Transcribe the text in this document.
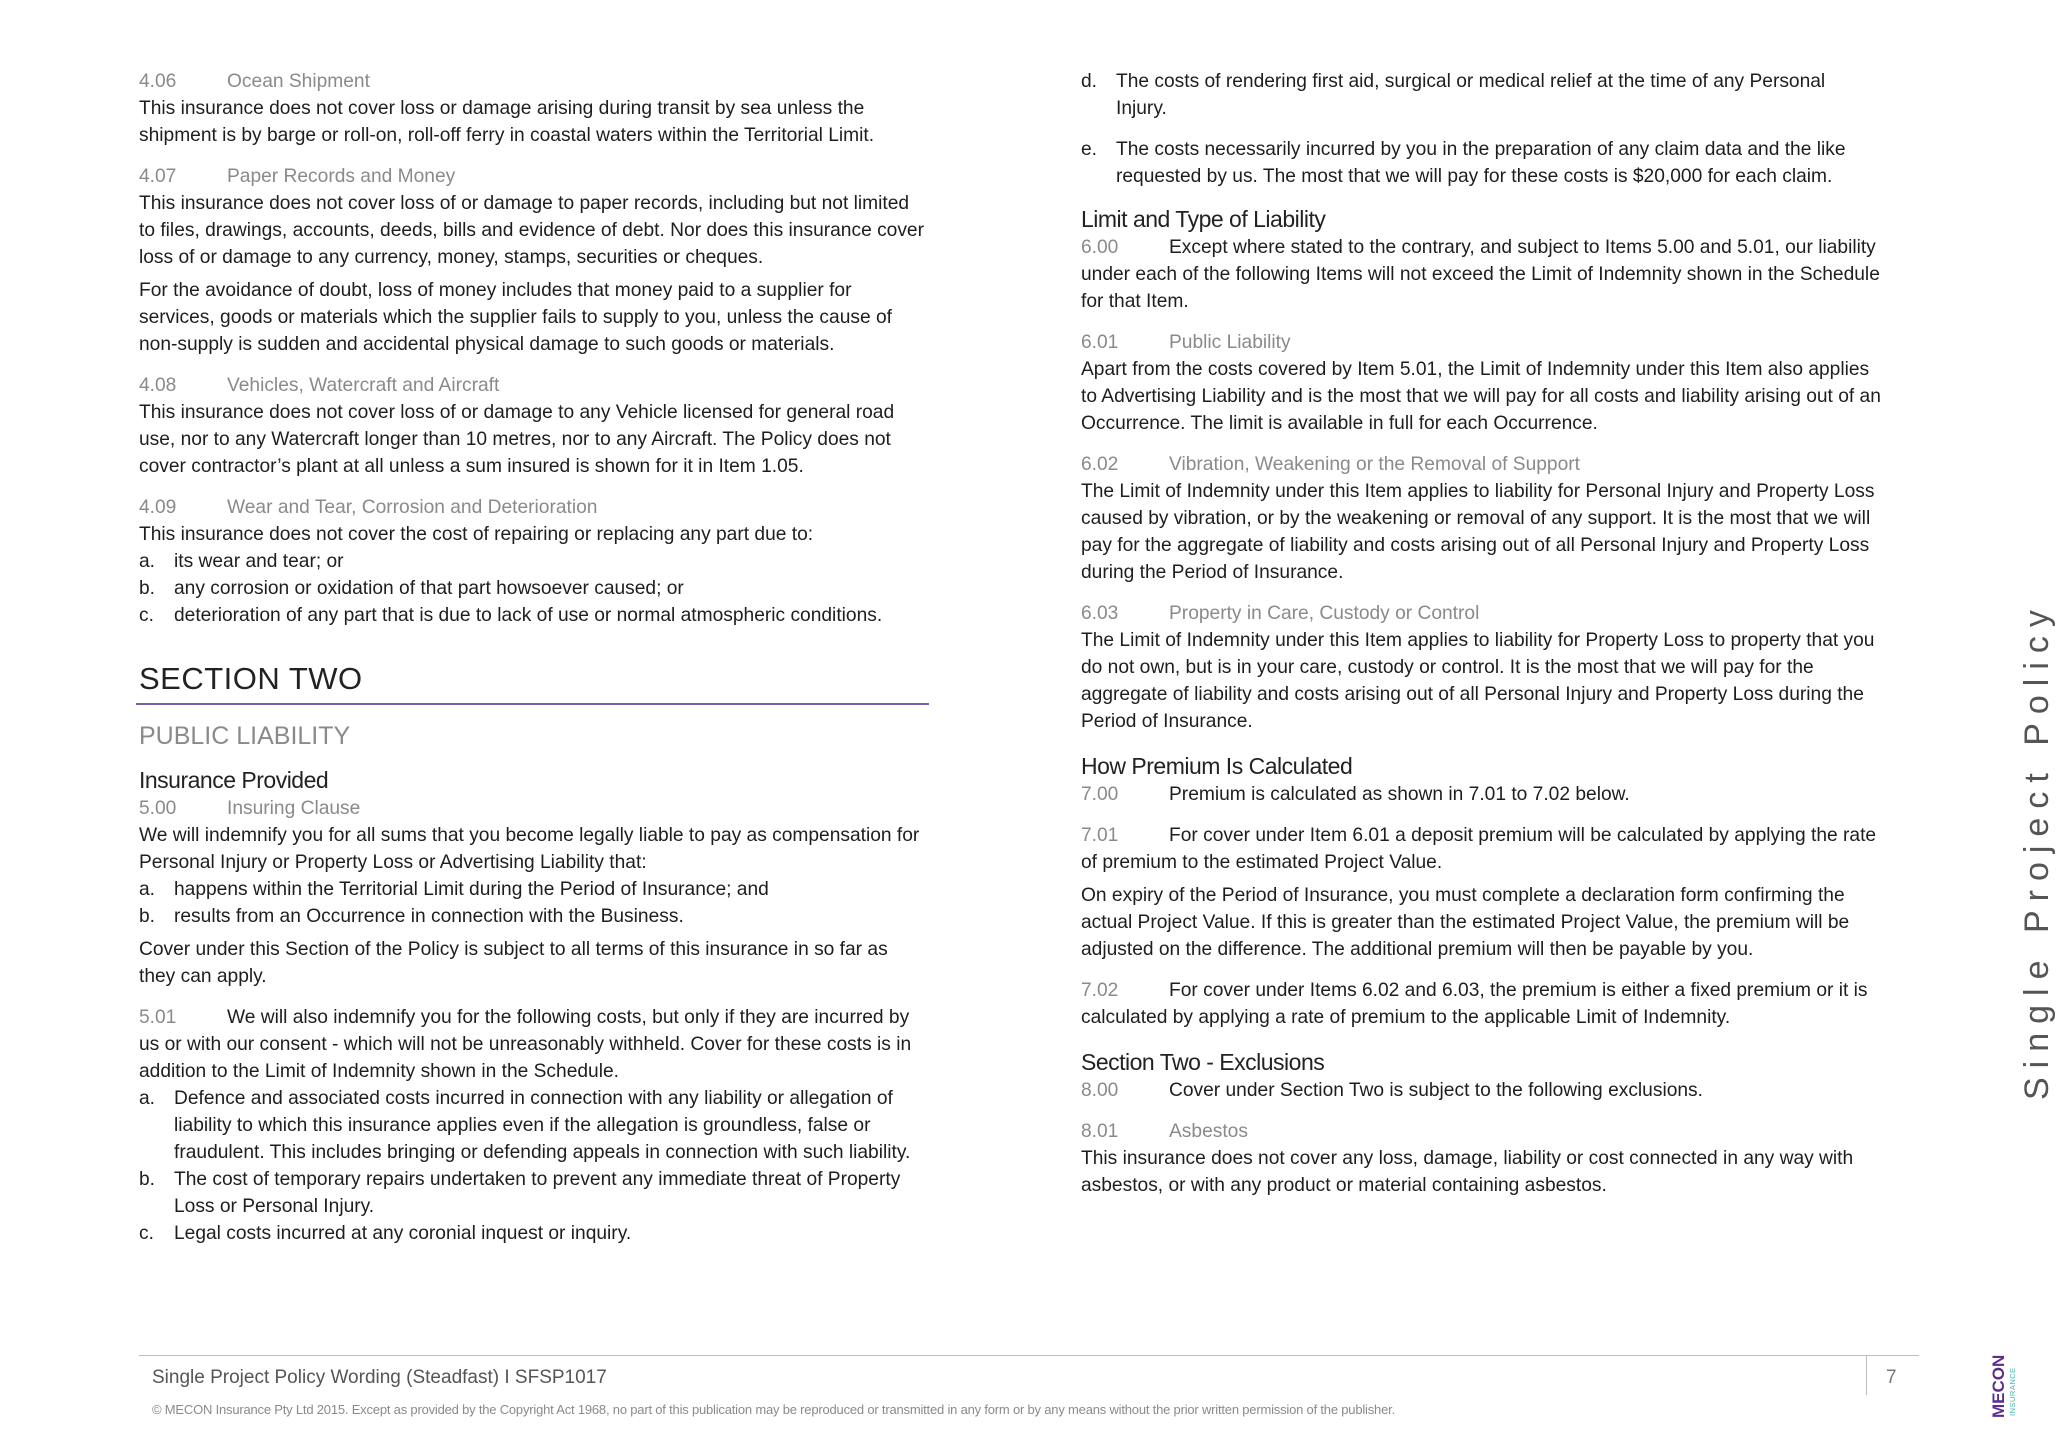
4.06	Ocean Shipment

This insurance does not cover loss or damage arising during transit by sea unless the shipment is by barge or roll-on, roll-off ferry in coastal waters within the Territorial Limit.

4.07	Paper Records and Money

This insurance does not cover loss of or damage to paper records, including but not limited to files, drawings, accounts, deeds, bills and evidence of debt. Nor does this insurance cover loss of or damage to any currency, money, stamps, securities or cheques.

For the avoidance of doubt, loss of money includes that money paid to a supplier for services, goods or materials which the supplier fails to supply to you, unless the cause of non-supply is sudden and accidental physical damage to such goods or materials.

4.08	Vehicles, Watercraft and Aircraft

This insurance does not cover loss of or damage to any Vehicle licensed for general road use, nor to any Watercraft longer than 10 metres, nor to any Aircraft. The Policy does not cover contractor’s plant at all unless a sum insured is shown for it in Item 1.05.

4.09	Wear and Tear, Corrosion and Deterioration

This insurance does not cover the cost of repairing or replacing any part due to:

a. its wear and tear; or
b. any corrosion or oxidation of that part howsoever caused; or
c. deterioration of any part that is due to lack of use or normal atmospheric conditions.
SECTION TWO
PUBLIC LIABILITY
Insurance Provided

5.00	Insuring Clause

We will indemnify you for all sums that you become legally liable to pay as compensation for Personal Injury or Property Loss or Advertising Liability that:

a. happens within the Territorial Limit during the Period of Insurance; and
b. results from an Occurrence in connection with the Business.

Cover under this Section of the Policy is subject to all terms of this insurance in so far as they can apply.

5.01	We will also indemnify you for the following costs, but only if they are incurred by us or with our consent - which will not be unreasonably withheld. Cover for these costs is in addition to the Limit of Indemnity shown in the Schedule.

a. Defence and associated costs incurred in connection with any liability or allegation of liability to which this insurance applies even if the allegation is groundless, false or fraudulent. This includes bringing or defending appeals in connection with such liability.
b. The cost of temporary repairs undertaken to prevent any immediate threat of Property Loss or Personal Injury.
c. Legal costs incurred at any coronial inquest or inquiry.
d. The costs of rendering first aid, surgical or medical relief at the time of any Personal Injury.
e. The costs necessarily incurred by you in the preparation of any claim data and the like requested by us. The most that we will pay for these costs is $20,000 for each claim.
Limit and Type of Liability

6.00	Except where stated to the contrary, and subject to Items 5.00 and 5.01, our liability under each of the following Items will not exceed the Limit of Indemnity shown in the Schedule for that Item.

6.01	Public Liability

Apart from the costs covered by Item 5.01, the Limit of Indemnity under this Item also applies to Advertising Liability and is the most that we will pay for all costs and liability arising out of an Occurrence. The limit is available in full for each Occurrence.

6.02	Vibration, Weakening or the Removal of Support

The Limit of Indemnity under this Item applies to liability for Personal Injury and Property Loss caused by vibration, or by the weakening or removal of any support. It is the most that we will pay for the aggregate of liability and costs arising out of all Personal Injury and Property Loss during the Period of Insurance.

6.03	Property in Care, Custody or Control

The Limit of Indemnity under this Item applies to liability for Property Loss to property that you do not own, but is in your care, custody or control. It is the most that we will pay for the aggregate of liability and costs arising out of all Personal Injury and Property Loss during the Period of Insurance.

How Premium Is Calculated

7.00	Premium is calculated as shown in 7.01 to 7.02 below.

7.01	For cover under Item 6.01 a deposit premium will be calculated by applying the rate of premium to the estimated Project Value.

On expiry of the Period of Insurance, you must complete a declaration form confirming the actual Project Value. If this is greater than the estimated Project Value, the premium will be adjusted on the difference. The additional premium will then be payable by you.

7.02	For cover under Items 6.02 and 6.03, the premium is either a fixed premium or it is calculated by applying a rate of premium to the applicable Limit of Indemnity.

Section Two - Exclusions

8.00	Cover under Section Two is subject to the following exclusions.

8.01	Asbestos

This insurance does not cover any loss, damage, liability or cost connected in any way with asbestos, or with any product or material containing asbestos.

Single Project Policy
Single Project Policy Wording (Steadfast) I SFSP1017	7
© MECON Insurance Pty Ltd 2015. Except as provided by the Copyright Act 1968, no part of this publication may be reproduced or transmitted in any form or by any means without the prior written permission of the publisher.	MECON INSURANCE
